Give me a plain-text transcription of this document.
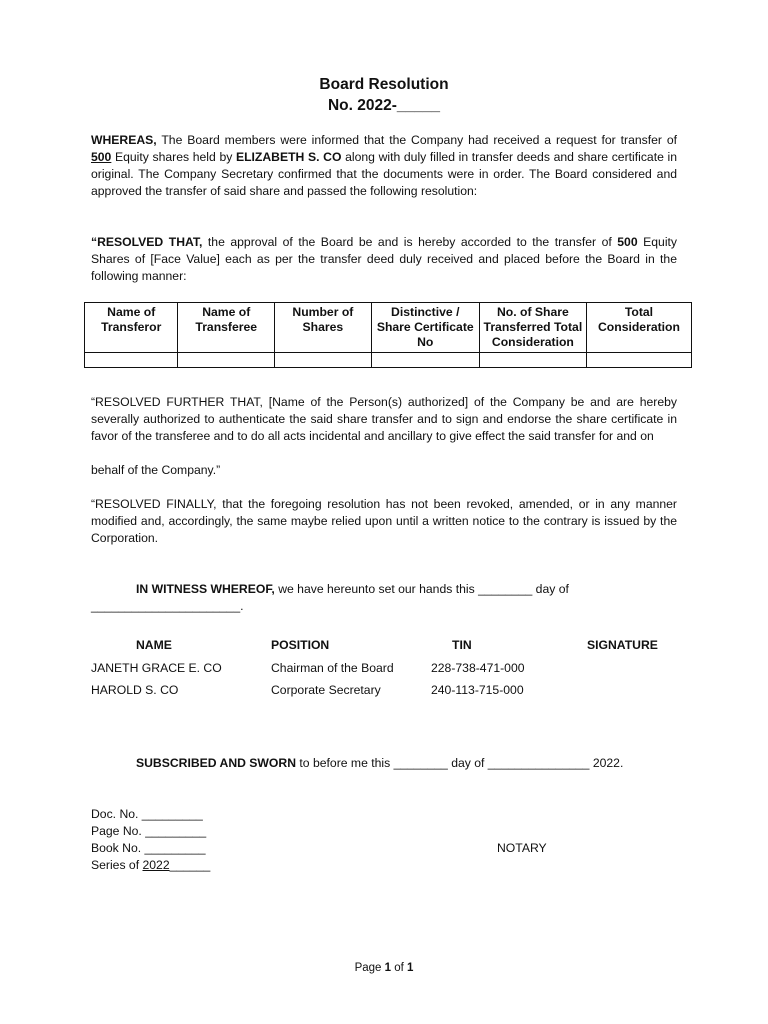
Board Resolution
No. 2022-_____
WHEREAS, The Board members were informed that the Company had received a request for transfer of 500 Equity shares held by ELIZABETH S. CO along with duly filled in transfer deeds and share certificate in original. The Company Secretary confirmed that the documents were in order. The Board considered and approved the transfer of said share and passed the following resolution:
“RESOLVED THAT, the approval of the Board be and is hereby accorded to the transfer of 500 Equity Shares of [Face Value] each as per the transfer deed duly received and placed before the Board in the following manner:
Name of Transferor	Name of Transferee	Number of Shares	Distinctive / Share Certificate No	No. of Share Transferred Total Consideration	Total Consideration

“RESOLVED FURTHER THAT, [Name of the Person(s) authorized] of the Company be and are hereby severally authorized to authenticate the said share transfer and to sign and endorse the share certificate in favor of the transferee and to do all acts incidental and ancillary to give effect the said transfer for and on
behalf of the Company.”
“RESOLVED FINALLY, that the foregoing resolution has not been revoked, amended, or in any manner modified and, accordingly, the same maybe relied upon until a written notice to the contrary is issued by the Corporation.
IN WITNESS WHEREOF, we have hereunto set our hands this ________ day of
______________________.
NAME	POSITION	TIN	SIGNATURE
JANETH GRACE E. CO	Chairman of the Board	228-738-471-000
HAROLD S. CO	Corporate Secretary	240-113-715-000
SUBSCRIBED AND SWORN to before me this ________ day of _______________ 2022.
Doc. No. _________
Page No. _________
Book No. _________	NOTARY
Series of 2022______
Page 1 of 1
